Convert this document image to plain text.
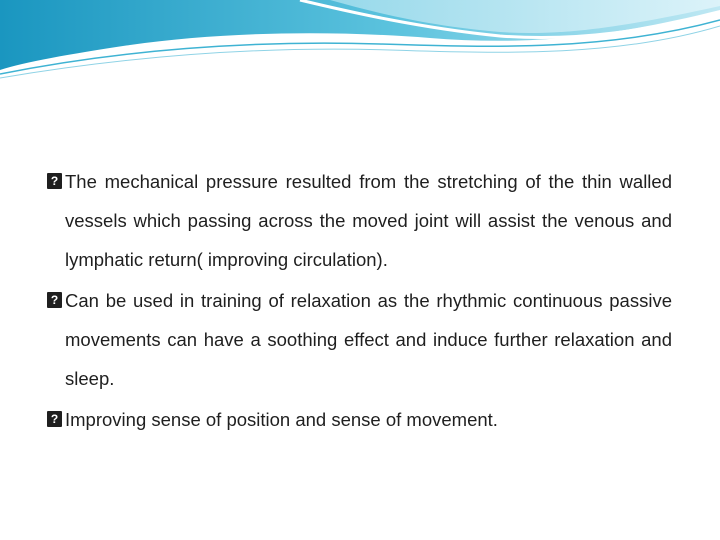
? The mechanical pressure resulted from the stretching of the thin walled vessels which passing across the moved joint will assist the venous and lymphatic return( improving circulation).
? Can be used in training of relaxation as the rhythmic continuous passive movements can have a soothing effect and induce further relaxation and sleep.
? Improving sense of position and sense of movement.
